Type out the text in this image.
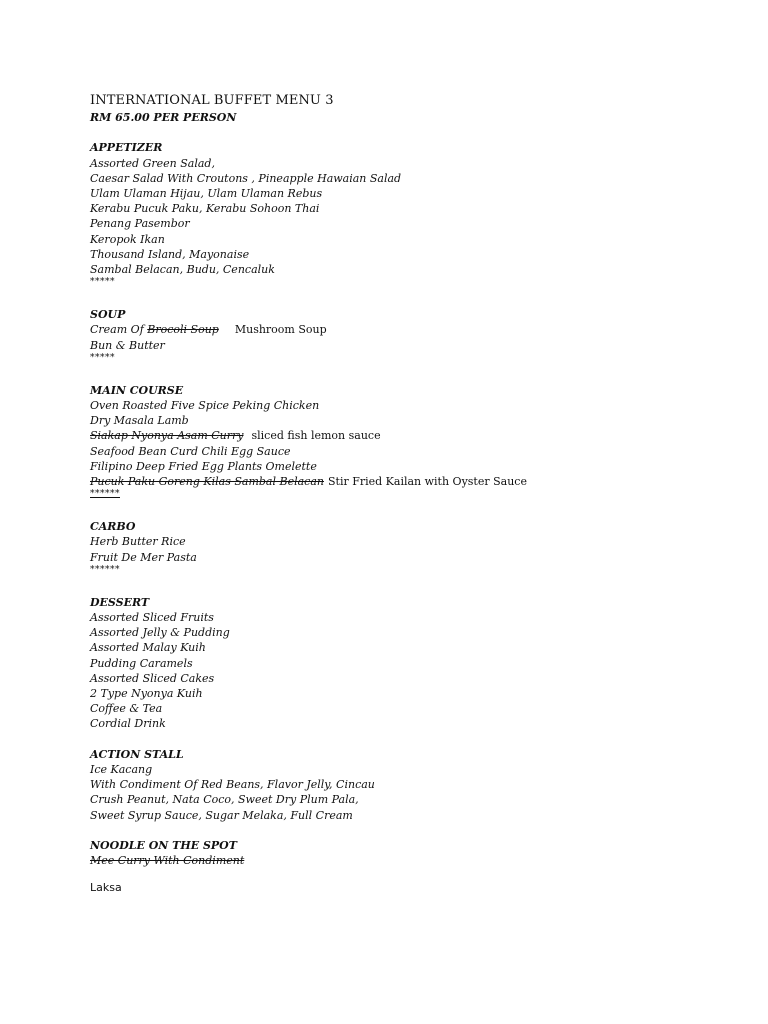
INTERNATIONAL BUFFET MENU 3
RM 65.00 PER PERSON
APPETIZER
Assorted Green Salad,
Caesar Salad With Croutons , Pineapple Hawaian Salad
Ulam Ulaman Hijau, Ulam Ulaman Rebus
Kerabu Pucuk Paku, Kerabu Sohoon Thai
Penang Pasembor
Keropok Ikan
Thousand Island, Mayonaise
Sambal Belacan, Budu, Cencaluk
*****
SOUP
Cream Of Brocoli Soup Mushroom Soup
Bun & Butter
*****
MAIN COURSE
Oven Roasted Five Spice Peking Chicken
Dry Masala Lamb
Siakap Nyonya Asam Curry sliced fish lemon sauce
Seafood Bean Curd Chili Egg Sauce
Filipino Deep Fried Egg Plants Omelette
Pucuk Paku Goreng Kilas Sambal Belacan Stir Fried Kailan with Oyster Sauce
******
CARBO
Herb Butter Rice
Fruit De Mer Pasta
******
DESSERT
Assorted Sliced Fruits
Assorted Jelly & Pudding
Assorted Malay Kuih
Pudding Caramels
Assorted Sliced Cakes
2 Type Nyonya Kuih
Coffee & Tea
Cordial Drink
ACTION STALL
Ice Kacang
With Condiment Of Red Beans, Flavor Jelly, Cincau
Crush Peanut, Nata Coco, Sweet Dry Plum Pala,
Sweet Syrup Sauce, Sugar Melaka, Full Cream
NOODLE ON THE SPOT
Mee Curry With Condiment
Laksa
